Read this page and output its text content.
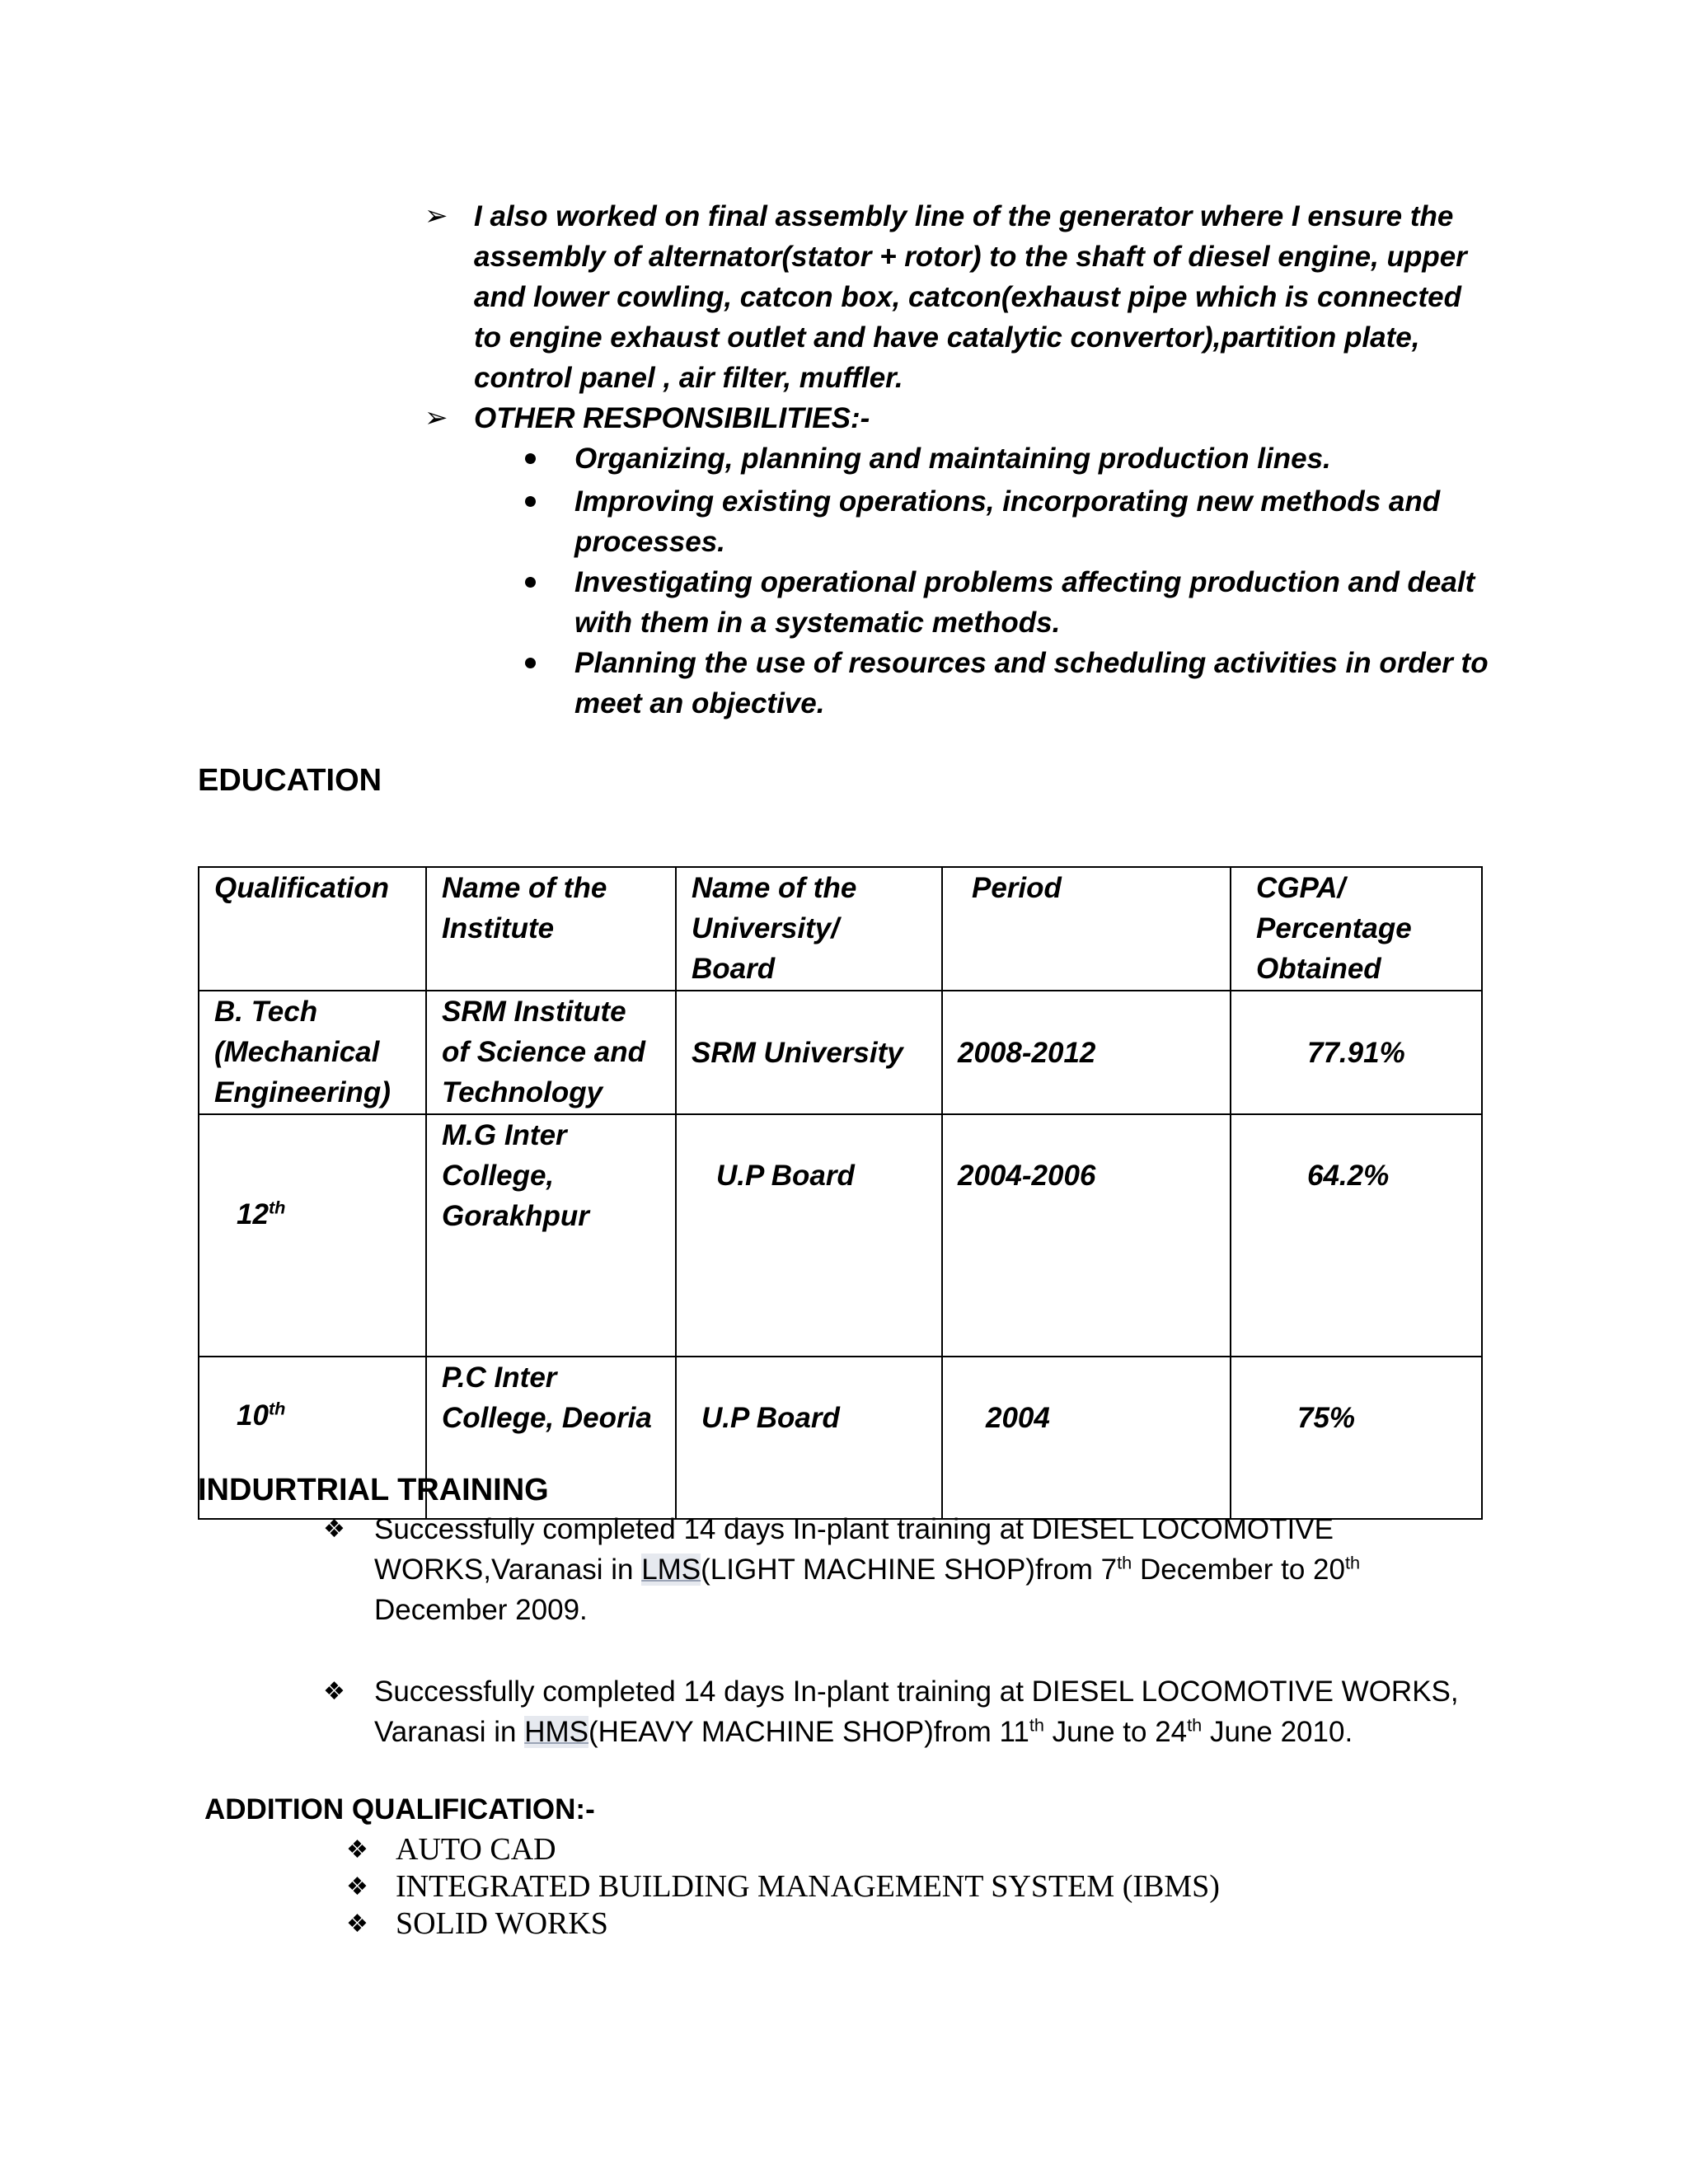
➢ I also worked on final assembly line of the generator where I ensure the assembly of alternator(stator + rotor) to the shaft of diesel engine, upper and lower cowling, catcon box, catcon(exhaust pipe which is connected to engine exhaust outlet and have catalytic convertor),partition plate, control panel , air filter, muffler.
➢ OTHER RESPONSIBILITIES:-
Organizing, planning and maintaining production lines.
Improving existing operations, incorporating new methods and processes.
Investigating operational problems affecting production and dealt with them in a systematic methods.
Planning the use of resources and scheduling activities in order to meet an objective.
EDUCATION
Qualification	Name of the Institute	Name of the University/ Board	Period	CGPA/ Percentage Obtained
B. Tech (Mechanical Engineering)	SRM Institute of Science and Technology	SRM University	2008-2012	77.91%
12th	M.G Inter College, Gorakhpur	U.P Board	2004-2006	64.2%
10th	P.C Inter College, Deoria	U.P Board	2004	75%
INDURTRIAL TRAINING
❖ Successfully completed 14 days In-plant training at DIESEL LOCOMOTIVE WORKS,Varanasi in LMS(LIGHT MACHINE SHOP)from 7th December to 20th December 2009.
❖ Successfully completed 14 days In-plant training at DIESEL LOCOMOTIVE WORKS, Varanasi in HMS(HEAVY MACHINE SHOP)from 11th June to 24th June 2010.
ADDITION QUALIFICATION:-
❖ AUTO CAD
❖ INTEGRATED BUILDING MANAGEMENT SYSTEM (IBMS)
❖ SOLID WORKS
